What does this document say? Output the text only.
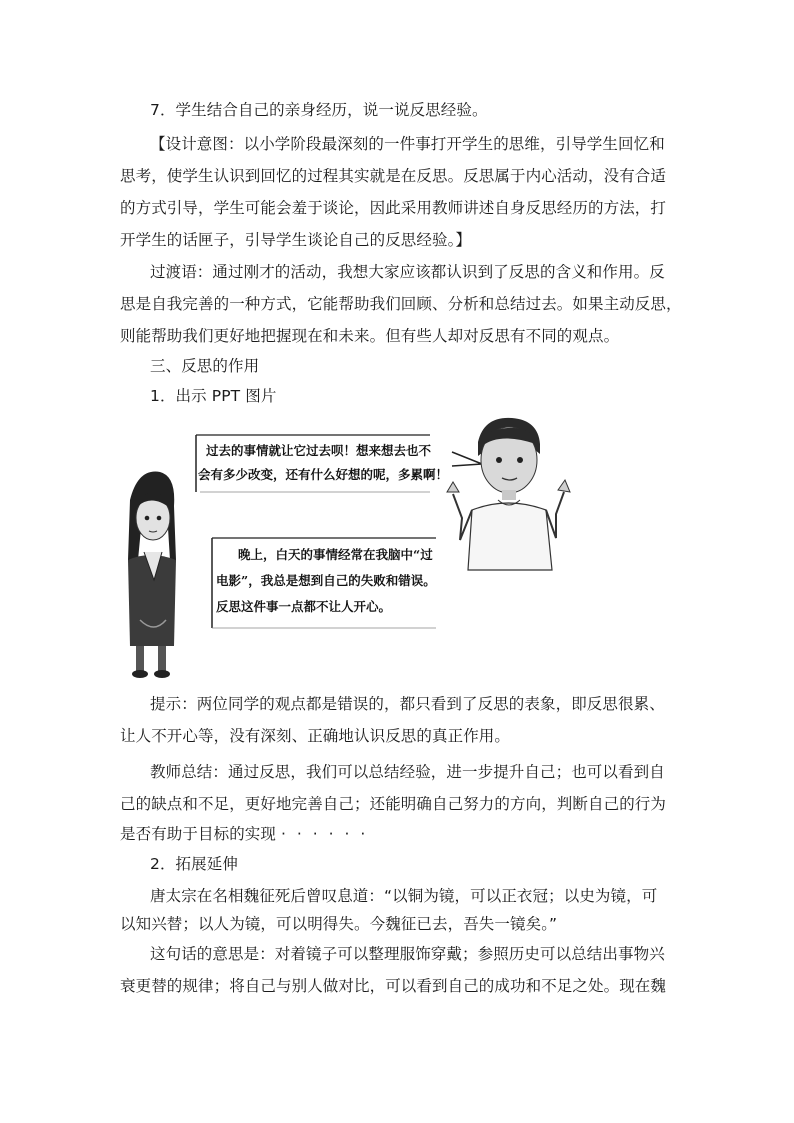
7．学生结合自己的亲身经历，说一说反思经验。
【设计意图：以小学阶段最深刻的一件事打开学生的思维，引导学生回忆和
思考，使学生认识到回忆的过程其实就是在反思。反思属于内心活动，没有合适
的方式引导，学生可能会羞于谈论，因此采用教师讲述自身反思经历的方法，打
开学生的话匣子，引导学生谈论自己的反思经验。】
过渡语：通过刚才的活动，我想大家应该都认识到了反思的含义和作用。反
思是自我完善的一种方式，它能帮助我们回顾、分析和总结过去。如果主动反思，
则能帮助我们更好地把握现在和未来。但有些人却对反思有不同的观点。
三、反思的作用
1．出示 PPT 图片
过去的事情就让它过去呗！想来想去也不
会有多少改变，还有什么好想的呢，多累啊！
晚上，白天的事情经常在我脑中“过
电影”，我总是想到自己的失败和错误。
反思这件事一点都不让人开心。
提示：两位同学的观点都是错误的，都只看到了反思的表象，即反思很累、
让人不开心等，没有深刻、正确地认识反思的真正作用。
教师总结：通过反思，我们可以总结经验，进一步提升自己；也可以看到自
己的缺点和不足，更好地完善自己；还能明确自己努力的方向，判断自己的行为
是否有助于目标的实现 · · · · · ·
2．拓展延伸
唐太宗在名相魏征死后曾叹息道：“以铜为镜，可以正衣冠；以史为镜，可
以知兴替；以人为镜，可以明得失。今魏征已去，吾失一镜矣。”
这句话的意思是：对着镜子可以整理服饰穿戴；参照历史可以总结出事物兴
衰更替的规律；将自己与别人做对比，可以看到自己的成功和不足之处。现在魏
